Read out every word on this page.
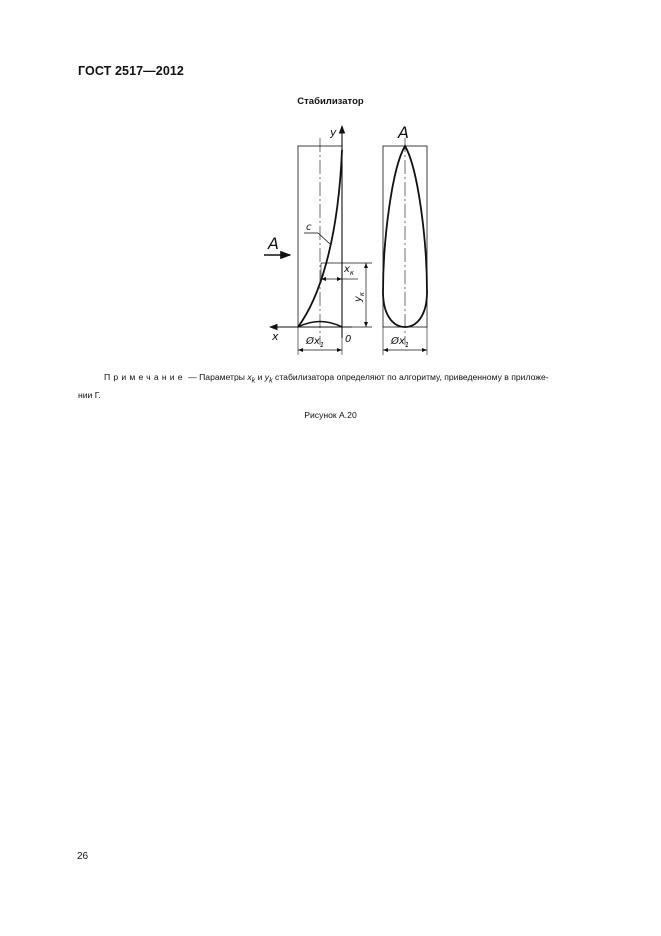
ГОСТ 2517—2012
Стабилизатор
y
x	0
c
A
A
$x_к$
$y_к$
$Øx_1$	$Øx_1$
Примечание — Параметры $x_k$ и $y_k$ стабилизатора определяют по алгоритму, приведенному в приложе-
нии Г.
Рисунок А.20
26
